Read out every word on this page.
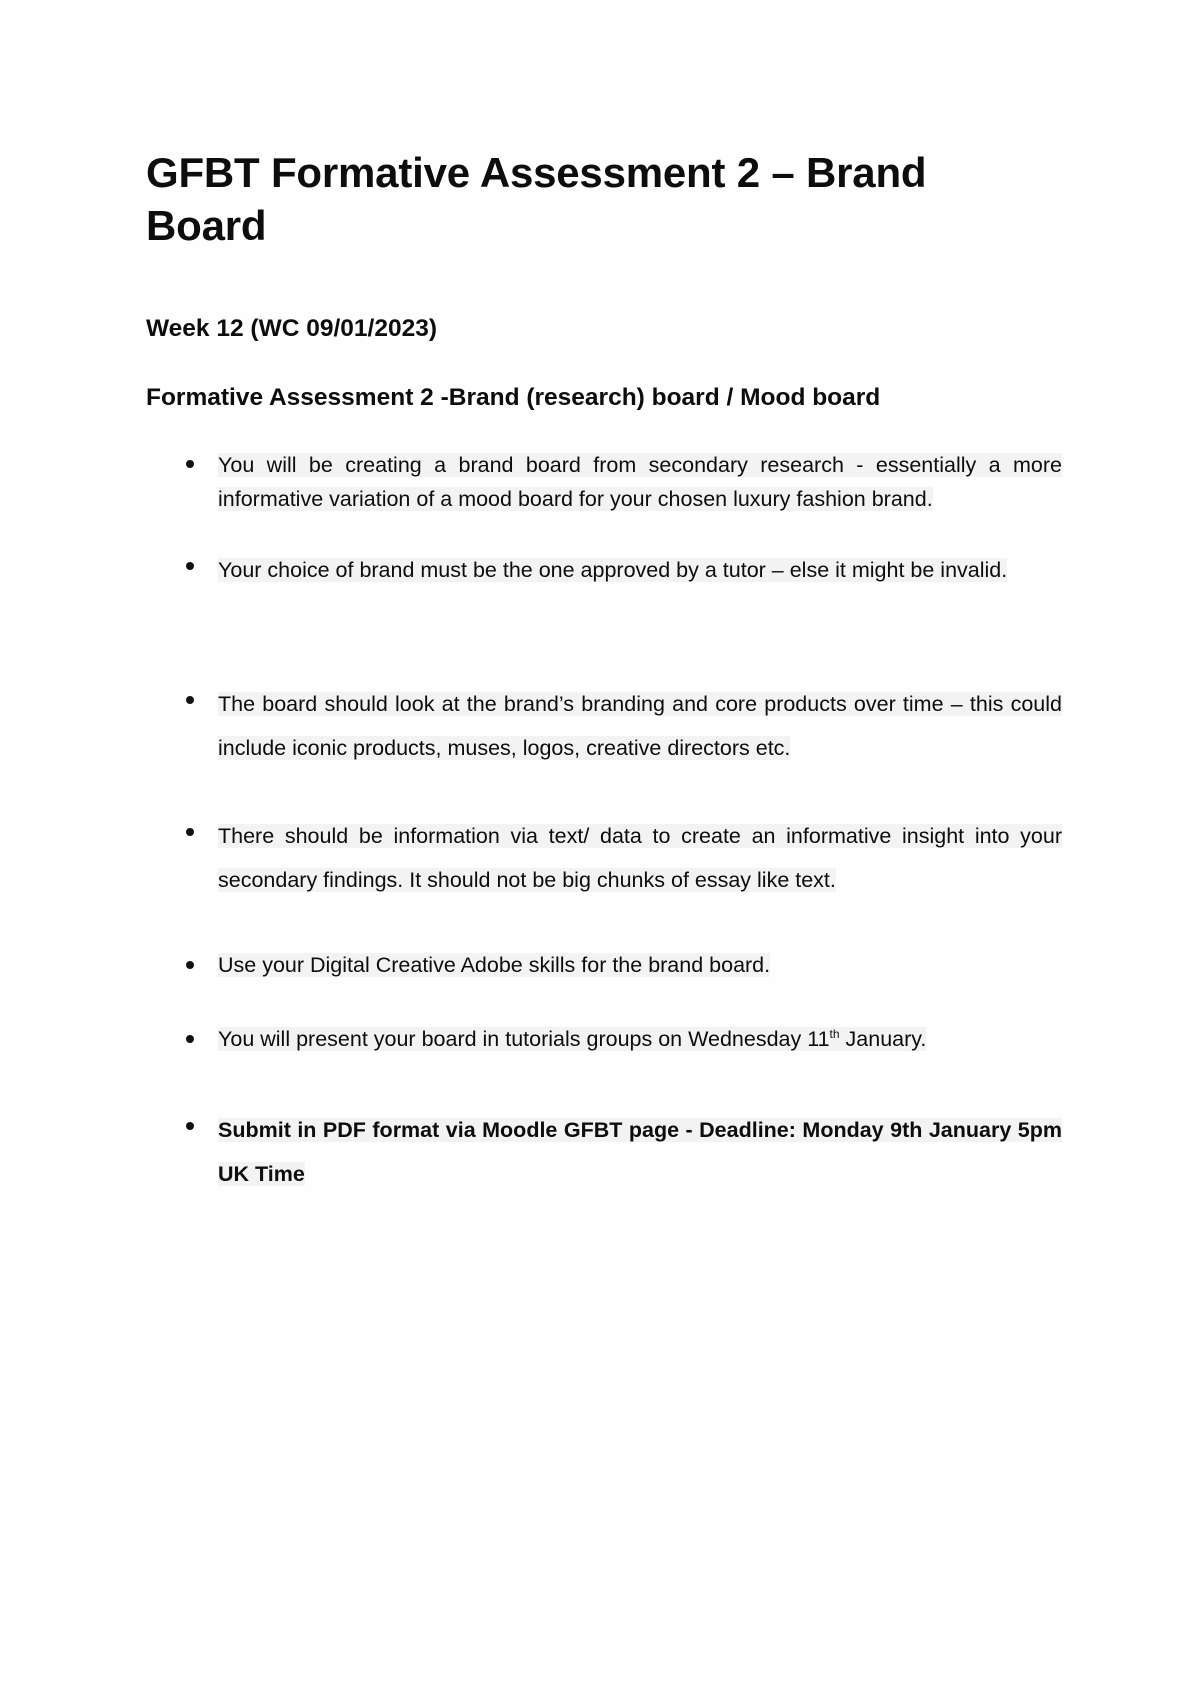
GFBT Formative Assessment 2 – Brand Board
Week 12 (WC 09/01/2023)
Formative Assessment 2 -Brand (research) board / Mood board
You will be creating a brand board from secondary research - essentially a more informative variation of a mood board for your chosen luxury fashion brand.
Your choice of brand must be the one approved by a tutor – else it might be invalid.
The board should look at the brand’s branding and core products over time – this could include iconic products, muses, logos, creative directors etc.
There should be information via text/ data to create an informative insight into your secondary findings. It should not be big chunks of essay like text.
Use your Digital Creative Adobe skills for the brand board.
You will present your board in tutorials groups on Wednesday 11th January.
Submit in PDF format via Moodle GFBT page - Deadline: Monday 9th January 5pm UK Time
